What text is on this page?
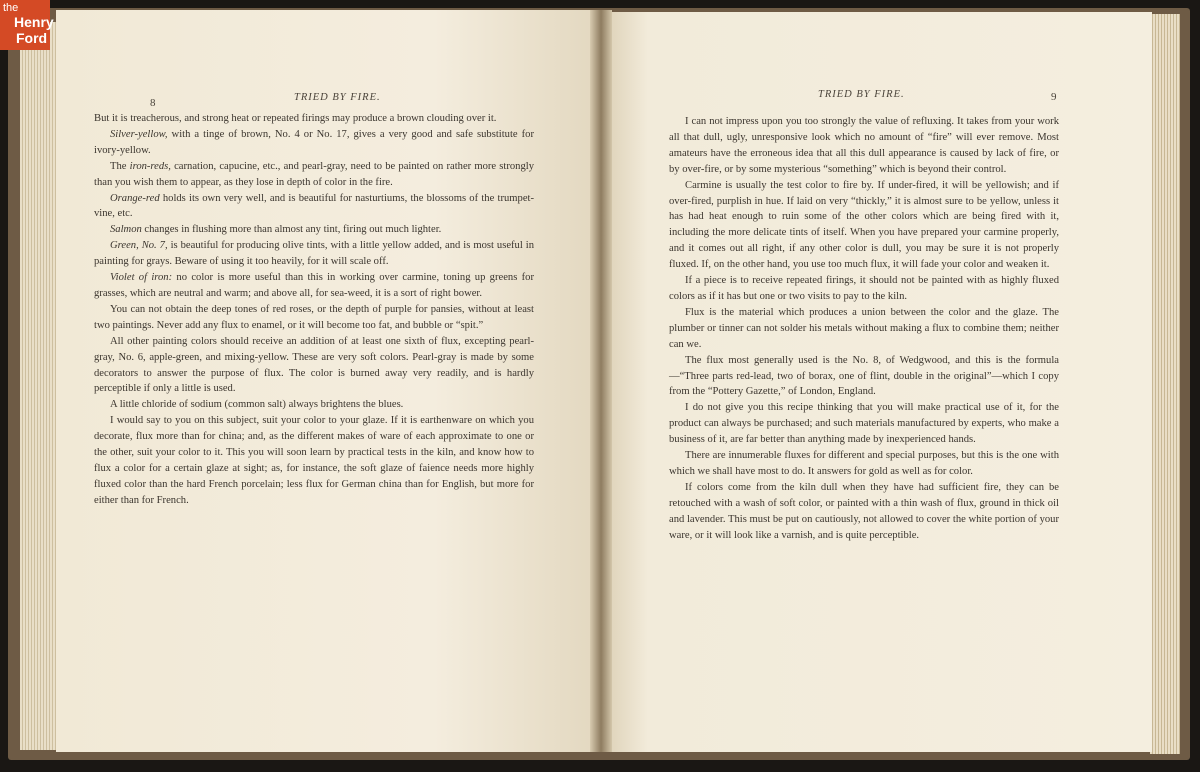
the
Henry
Ford
8	TRIED BY FIRE.	TRIED BY FIRE.	9

But it is treacherous, and strong heat or repeated firings may produce a brown clouding over it.

Silver-yellow, with a tinge of brown, No. 4 or No. 17, gives a very good and safe substitute for ivory-yellow.

The iron-reds, carnation, capucine, etc., and pearl-gray, need to be painted on rather more strongly than you wish them to appear, as they lose in depth of color in the fire.

Orange-red holds its own very well, and is beautiful for nasturtiums, the blossoms of the trumpet-vine, etc.

Salmon changes in flushing more than almost any tint, firing out much lighter.

Green, No. 7, is beautiful for producing olive tints, with a little yellow added, and is most useful in painting for grays. Beware of using it too heavily, for it will scale off.

Violet of iron: no color is more useful than this in working over carmine, toning up greens for grasses, which are neutral and warm; and above all, for sea-weed, it is a sort of right bower.

You can not obtain the deep tones of red roses, or the depth of purple for pansies, without at least two paintings. Never add any flux to enamel, or it will become too fat, and bubble or “spit.”

All other painting colors should receive an addition of at least one sixth of flux, excepting pearl-gray, No. 6, apple-green, and mixing-yellow. These are very soft colors. Pearl-gray is made by some decorators to answer the purpose of flux. The color is burned away very readily, and is hardly perceptible if only a little is used.

A little chloride of sodium (common salt) always brightens the blues.

I would say to you on this subject, suit your color to your glaze. If it is earthenware on which you decorate, flux more than for china; and, as the different makes of ware of each approximate to one or the other, suit your color to it. This you will soon learn by practical tests in the kiln, and know how to flux a color for a certain glaze at sight; as, for instance, the soft glaze of faience needs more highly fluxed color than the hard French porcelain; less flux for German china than for English, but more for either than for French.

I can not impress upon you too strongly the value of refluxing. It takes from your work all that dull, ugly, unresponsive look which no amount of “fire” will ever remove. Most amateurs have the erroneous idea that all this dull appearance is caused by lack of fire, or by over-fire, or by some mysterious “something” which is beyond their control.

Carmine is usually the test color to fire by. If under-fired, it will be yellowish; and if over-fired, purplish in hue. If laid on very “thickly,” it is almost sure to be yellow, unless it has had heat enough to ruin some of the other colors which are being fired with it, including the more delicate tints of itself. When you have prepared your carmine properly, and it comes out all right, if any other color is dull, you may be sure it is not properly fluxed. If, on the other hand, you use too much flux, it will fade your color and weaken it.

If a piece is to receive repeated firings, it should not be painted with as highly fluxed colors as if it has but one or two visits to pay to the kiln.

Flux is the material which produces a union between the color and the glaze. The plumber or tinner can not solder his metals without making a flux to combine them; neither can we.

The flux most generally used is the No. 8, of Wedgwood, and this is the formula—“Three parts red-lead, two of borax, one of flint, double in the original”—which I copy from the “Pottery Gazette,” of London, England.

I do not give you this recipe thinking that you will make practical use of it, for the product can always be purchased; and such materials manufactured by experts, who make a business of it, are far better than anything made by inexperienced hands.

There are innumerable fluxes for different and special purposes, but this is the one with which we shall have most to do. It answers for gold as well as for color.

If colors come from the kiln dull when they have had sufficient fire, they can be retouched with a wash of soft color, or painted with a thin wash of flux, ground in thick oil and lavender. This must be put on cautiously, not allowed to cover the white portion of your ware, or it will look like a varnish, and is quite perceptible.
